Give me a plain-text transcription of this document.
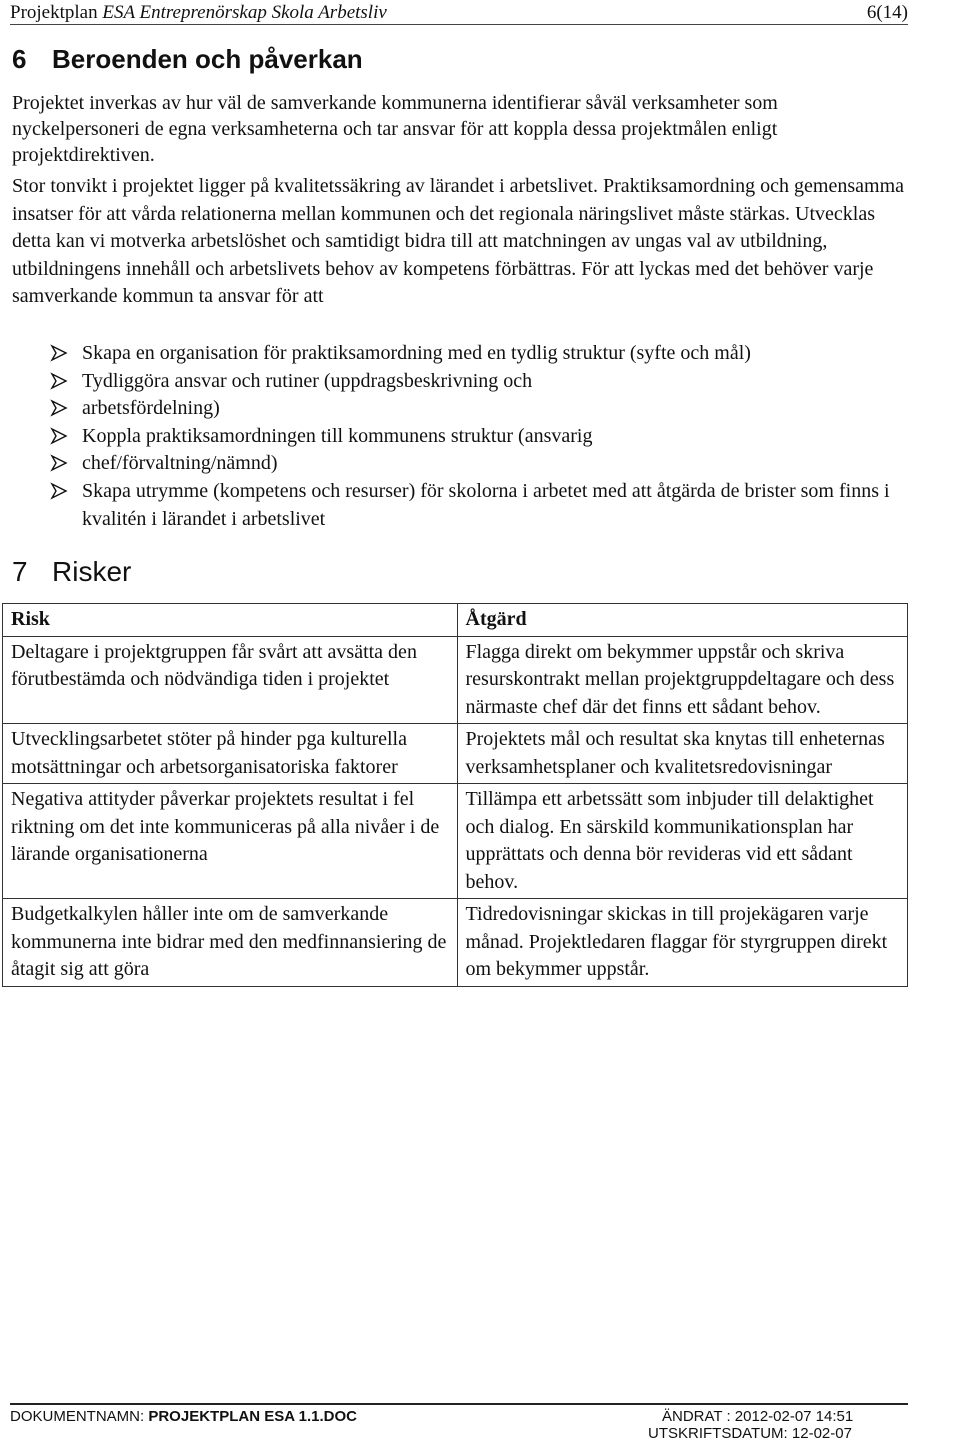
Projektplan ESA Entreprenörskap Skola Arbetsliv	6(14)
6 Beroenden och påverkan

Projektet inverkas av hur väl de samverkande kommunerna identifierar såväl verksamheter som nyckelpersoneri de egna verksamheterna och tar ansvar för att koppla dessa projektmålen enligt projektdirektiven.

Stor tonvikt i projektet ligger på kvalitetssäkring av lärandet i arbetslivet. Praktiksamordning och gemensamma insatser för att vårda relationerna mellan kommunen och det regionala näringslivet måste stärkas. Utvecklas detta kan vi motverka arbetslöshet och samtidigt bidra till att matchningen av ungas val av utbildning, utbildningens innehåll och arbetslivets behov av kompetens förbättras. För att lyckas med det behöver varje samverkande kommun ta ansvar för att

Skapa en organisation för praktiksamordning med en tydlig struktur (syfte och mål)
Tydliggöra ansvar och rutiner (uppdragsbeskrivning och
arbetsfördelning)
Koppla praktiksamordningen till kommunens struktur (ansvarig
chef/förvaltning/nämnd)
Skapa utrymme (kompetens och resurser) för skolorna i arbetet med att åtgärda de brister som finns i kvalitén i lärandet i arbetslivet
7 Risker
Risk	Åtgärd
Deltagare i projektgruppen får svårt att avsätta den förutbestämda och nödvändiga tiden i projektet	Flagga direkt om bekymmer uppstår och skriva resurskontrakt mellan projektgruppdeltagare och dess närmaste chef där det finns ett sådant behov.
Utvecklingsarbetet stöter på hinder pga kulturella motsättningar och arbetsorganisatoriska faktorer	Projektets mål och resultat ska knytas till enheternas verksamhetsplaner och kvalitetsredovisningar
Negativa attityder påverkar projektets resultat i fel riktning om det inte kommuniceras på alla nivåer i de lärande organisationerna	Tillämpa ett arbetssätt som inbjuder till delaktighet och dialog. En särskild kommunikationsplan har upprättats och denna bör revideras vid ett sådant behov.
Budgetkalkylen håller inte om de samverkande kommunerna inte bidrar med den medfinnansiering de åtagit sig att göra	Tidredovisningar skickas in till projekägaren varje månad. Projektledaren flaggar för styrgruppen direkt om bekymmer uppstår.
DOKUMENTNAMN: PROJEKTPLAN ESA 1.1.DOC	ÄNDRAT : 2012-02-07 14:51
UTSKRIFTSDATUM: 12-02-07
